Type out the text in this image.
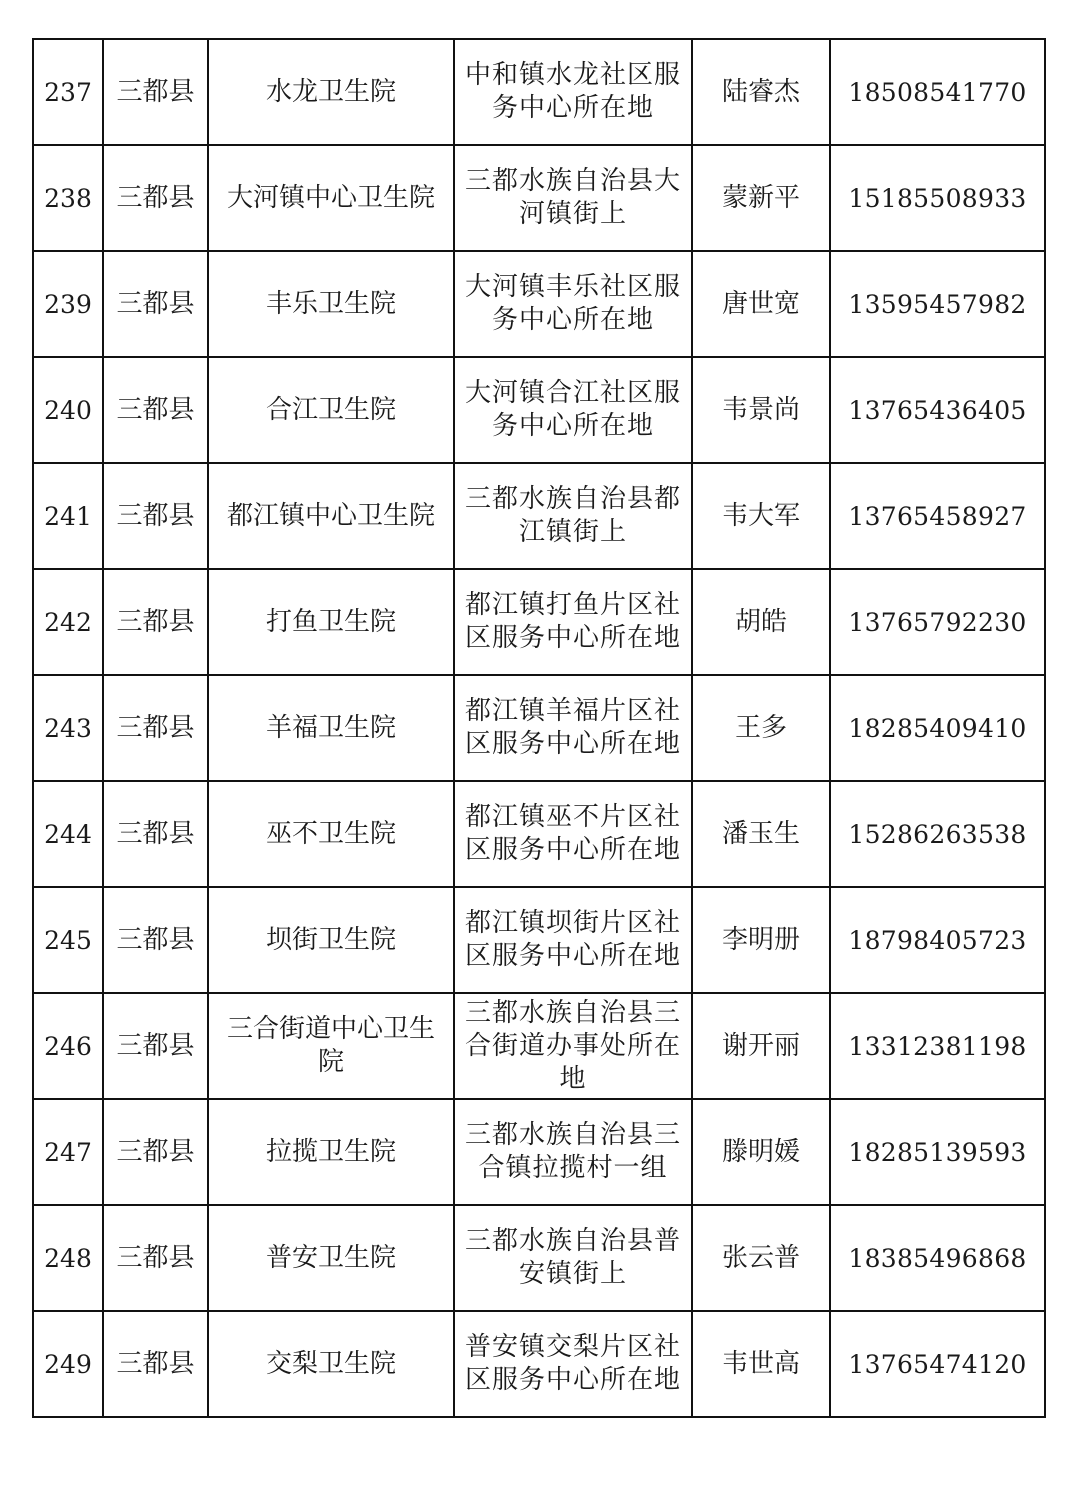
237	三都县	水龙卫生院	中和镇水龙社区服务中心所在地	陆睿杰	18508541770
238	三都县	大河镇中心卫生院	三都水族自治县大河镇街上	蒙新平	15185508933
239	三都县	丰乐卫生院	大河镇丰乐社区服务中心所在地	唐世宽	13595457982
240	三都县	合江卫生院	大河镇合江社区服务中心所在地	韦景尚	13765436405
241	三都县	都江镇中心卫生院	三都水族自治县都江镇街上	韦大军	13765458927
242	三都县	打鱼卫生院	都江镇打鱼片区社区服务中心所在地	胡皓	13765792230
243	三都县	羊福卫生院	都江镇羊福片区社区服务中心所在地	王多	18285409410
244	三都县	巫不卫生院	都江镇巫不片区社区服务中心所在地	潘玉生	15286263538
245	三都县	坝街卫生院	都江镇坝街片区社区服务中心所在地	李明册	18798405723
246	三都县	三合街道中心卫生院	三都水族自治县三合街道办事处所在地	谢开丽	13312381198
247	三都县	拉揽卫生院	三都水族自治县三合镇拉揽村一组	滕明媛	18285139593
248	三都县	普安卫生院	三都水族自治县普安镇街上	张云普	18385496868
249	三都县	交梨卫生院	普安镇交梨片区社区服务中心所在地	韦世高	13765474120
